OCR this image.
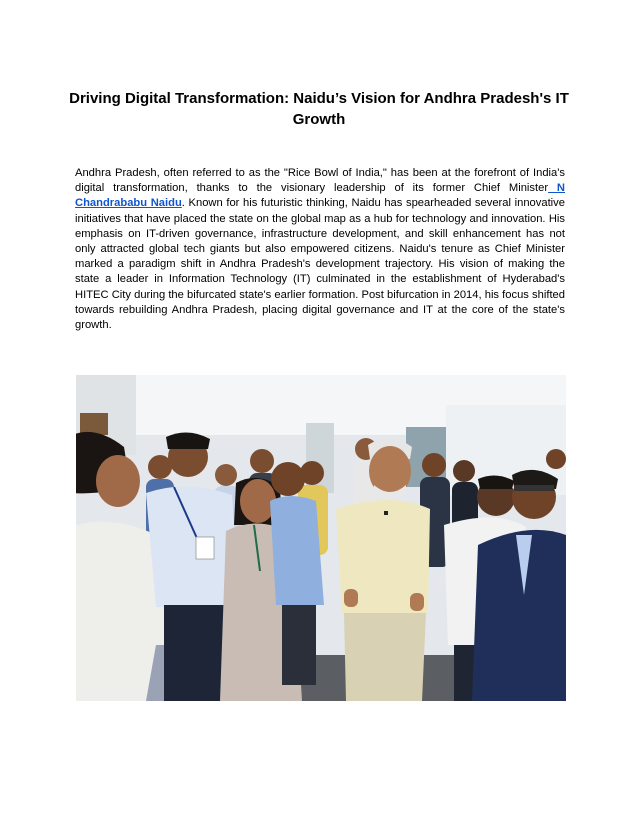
Driving Digital Transformation: Naidu’s Vision for Andhra Pradesh's IT Growth

Andhra Pradesh, often referred to as the "Rice Bowl of India," has been at the forefront of India's digital transformation, thanks to the visionary leadership of its former Chief Minister N Chandrababu Naidu. Known for his futuristic thinking, Naidu has spearheaded several innovative initiatives that have placed the state on the global map as a hub for technology and innovation. His emphasis on IT-driven governance, infrastructure development, and skill enhancement has not only attracted global tech giants but also empowered citizens. Naidu's tenure as Chief Minister marked a paradigm shift in Andhra Pradesh's development trajectory. His vision of making the state a leader in Information Technology (IT) culminated in the establishment of Hyderabad's HITEC City during the bifurcated state's earlier formation. Post bifurcation in 2014, his focus shifted towards rebuilding Andhra Pradesh, placing digital governance and IT at the core of the state's growth.
